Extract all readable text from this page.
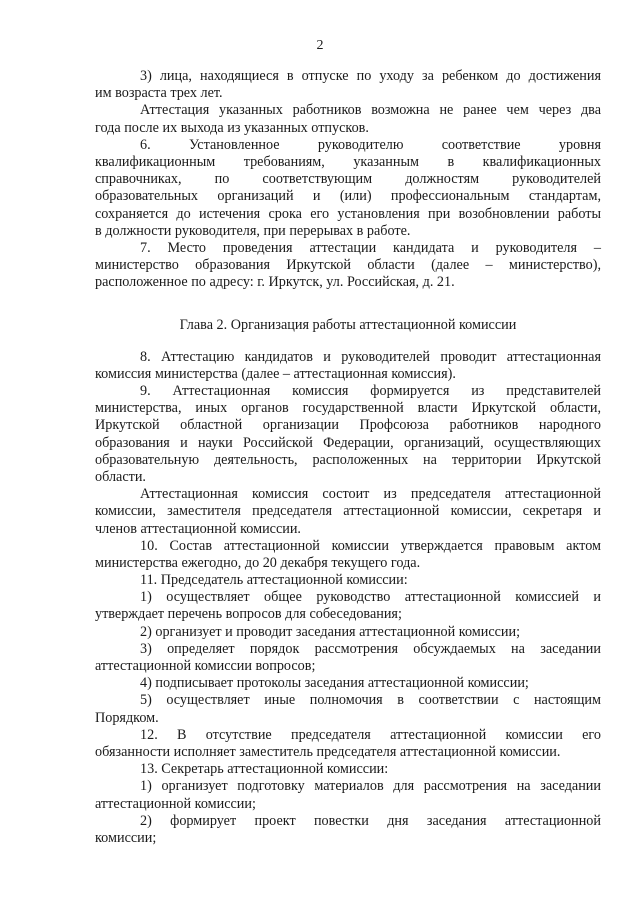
2
3) лица, находящиеся в отпуске по уходу за ребенком до достижения
им возраста трех лет.
Аттестация указанных работников возможна не ранее чем через два
года после их выхода из указанных отпусков.
6. Установленное руководителю соответствие уровня
квалификационным требованиям, указанным в квалификационных
справочниках, по соответствующим должностям руководителей
образовательных организаций и (или) профессиональным стандартам,
сохраняется до истечения срока его установления при возобновлении работы
в должности руководителя, при перерывах в работе.
7. Место проведения аттестации кандидата и руководителя –
министерство образования Иркутской области (далее – министерство),
расположенное по адресу: г. Иркутск, ул. Российская, д. 21.
Глава 2. Организация работы аттестационной комиссии
8. Аттестацию кандидатов и руководителей проводит аттестационная
комиссия министерства (далее – аттестационная комиссия).
9. Аттестационная комиссия формируется из представителей
министерства, иных органов государственной власти Иркутской области,
Иркутской областной организации Профсоюза работников народного
образования и науки Российской Федерации, организаций, осуществляющих
образовательную деятельность, расположенных на территории Иркутской
области.
Аттестационная комиссия состоит из председателя аттестационной
комиссии, заместителя председателя аттестационной комиссии, секретаря и
членов аттестационной комиссии.
10. Состав аттестационной комиссии утверждается правовым актом
министерства ежегодно, до 20 декабря текущего года.
11. Председатель аттестационной комиссии:
1) осуществляет общее руководство аттестационной комиссией и
утверждает перечень вопросов для собеседования;
2) организует и проводит заседания аттестационной комиссии;
3) определяет порядок рассмотрения обсуждаемых на заседании
аттестационной комиссии вопросов;
4) подписывает протоколы заседания аттестационной комиссии;
5) осуществляет иные полномочия в соответствии с настоящим
Порядком.
12. В отсутствие председателя аттестационной комиссии его
обязанности исполняет заместитель председателя аттестационной комиссии.
13. Секретарь аттестационной комиссии:
1) организует подготовку материалов для рассмотрения на заседании
аттестационной комиссии;
2) формирует проект повестки дня заседания аттестационной
комиссии;
